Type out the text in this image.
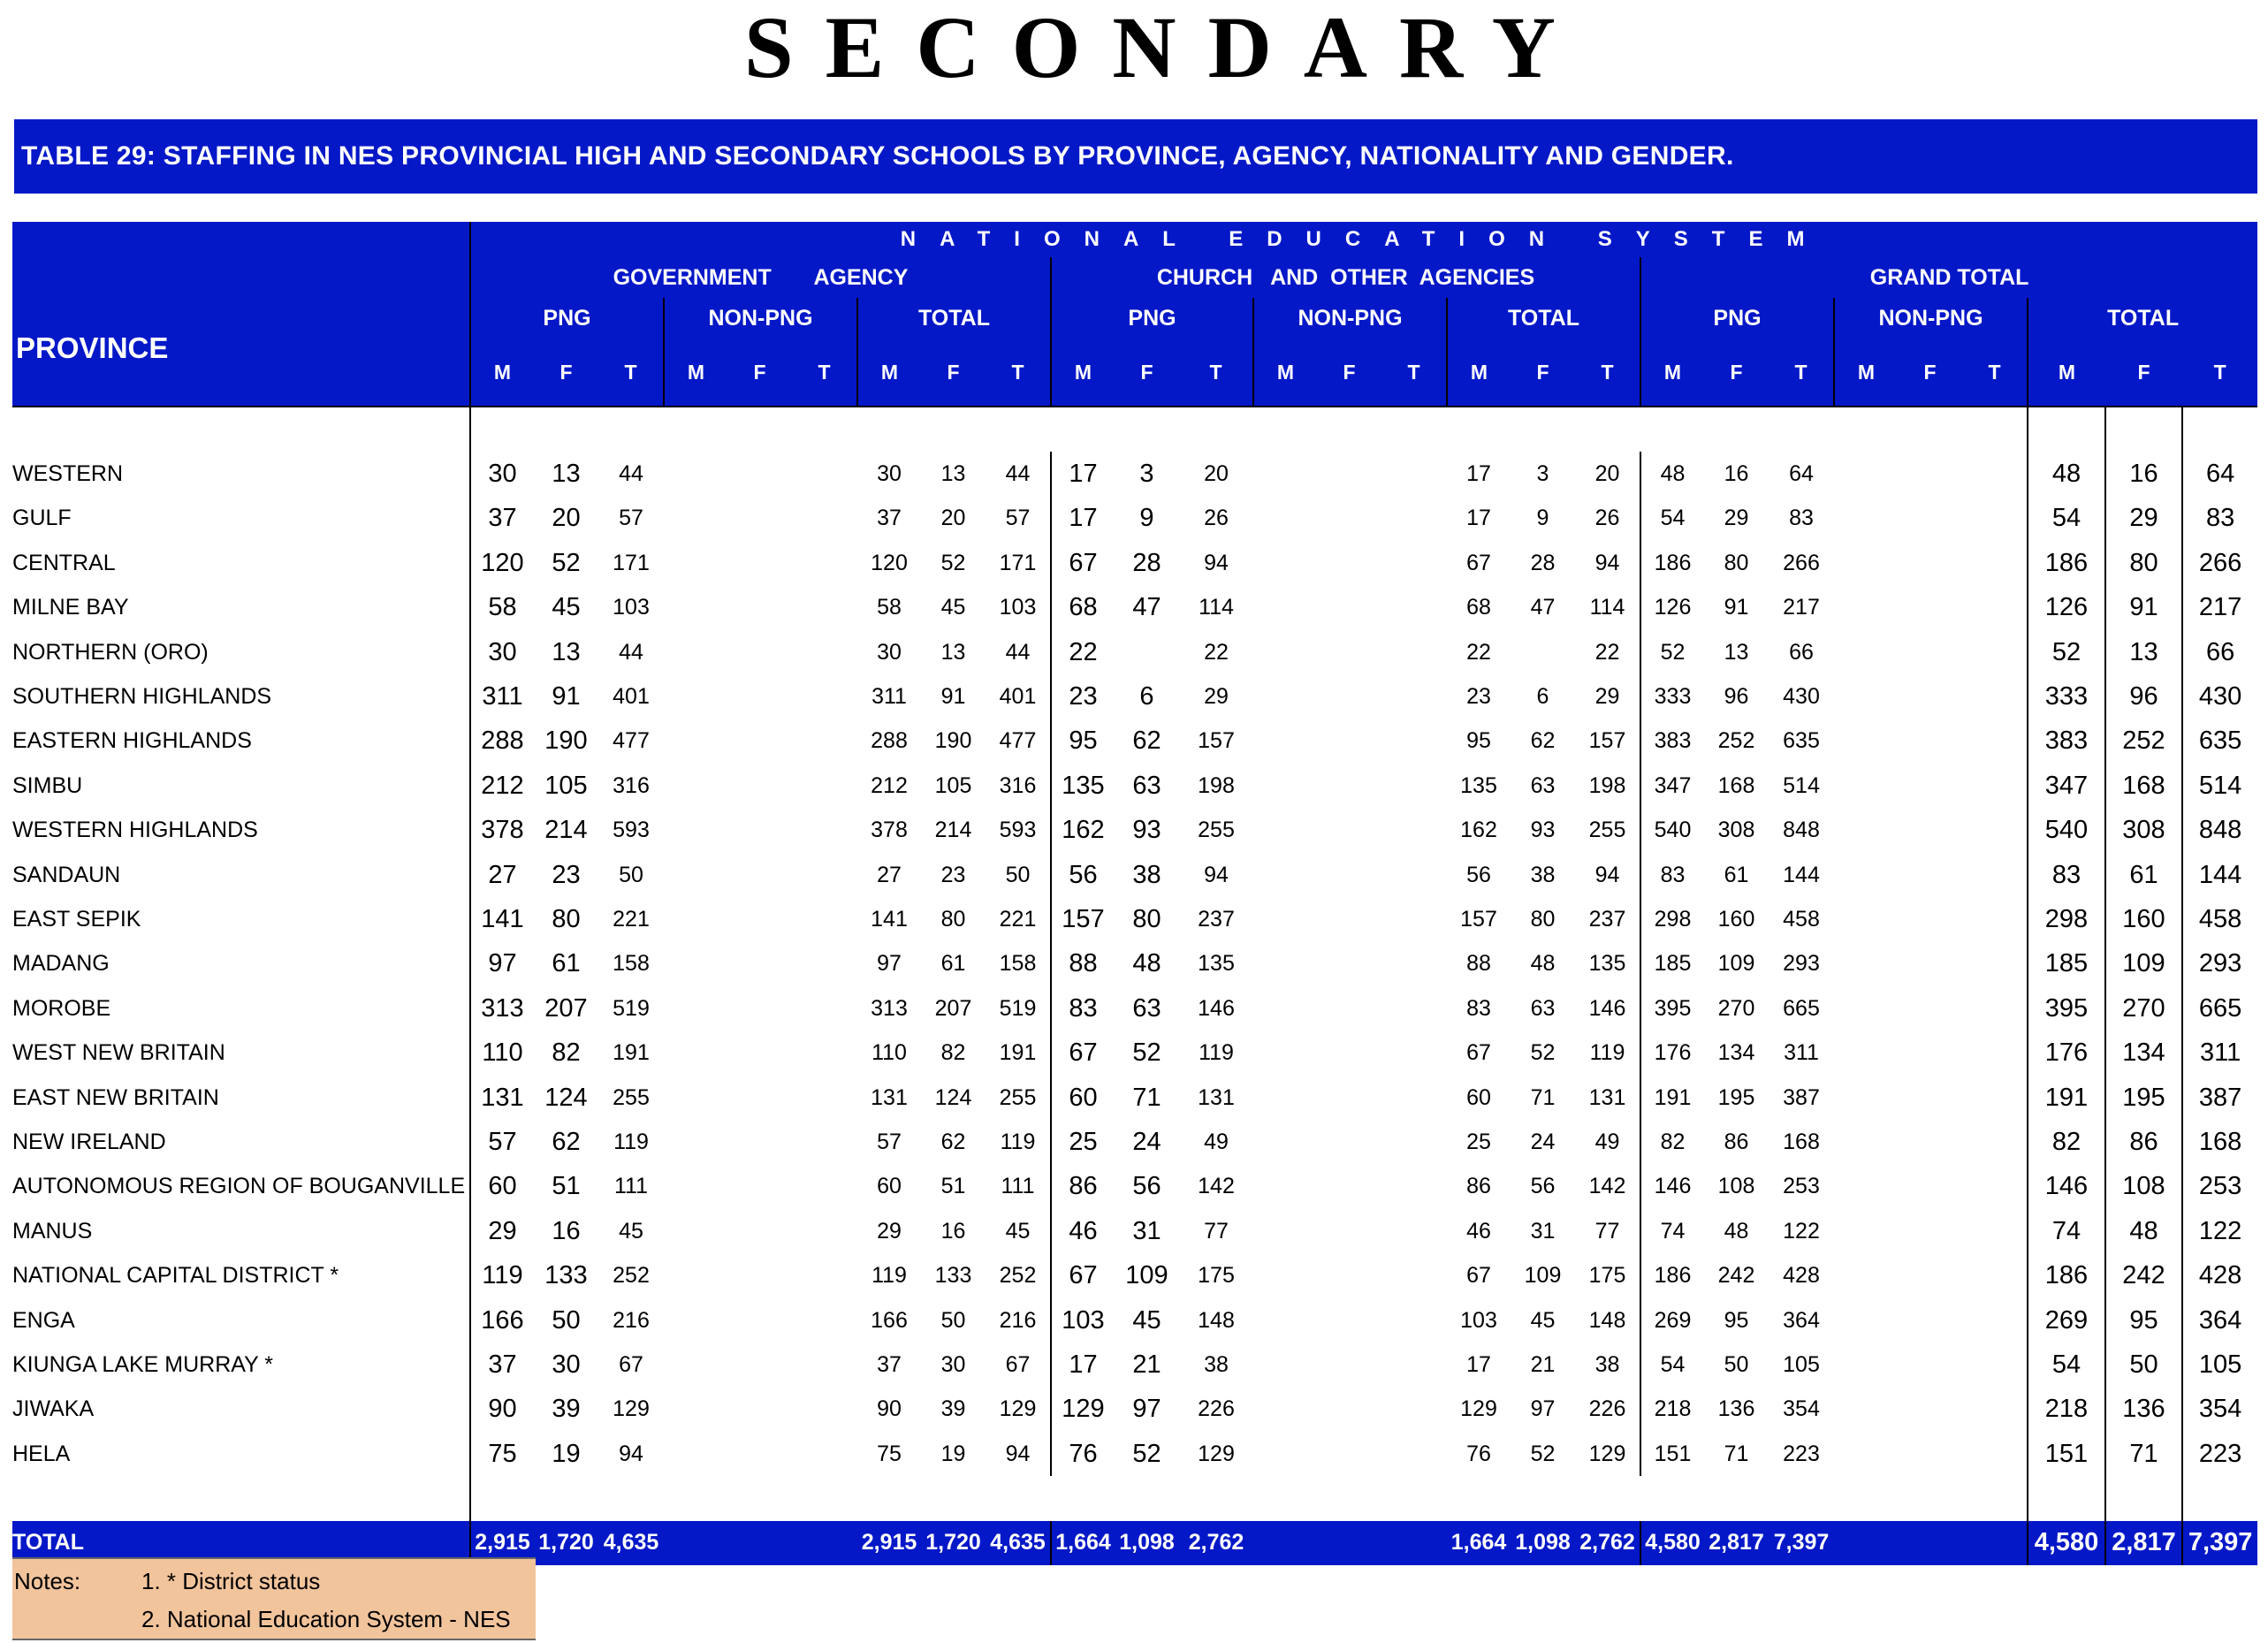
SECONDARY
TABLE 29: STAFFING IN NES PROVINCIAL HIGH AND SECONDARY SCHOOLS BY PROVINCE, AGENCY, NATIONALITY AND GENDER.
PROVINCE	NATIONAL EDUCATION SYSTEM																										
	GOVERNMENT       AGENCY									CHURCH   AND  OTHER  AGENCIES									GRAND TOTAL								
	PNG			NON-PNG			TOTAL			PNG			NON-PNG			TOTAL			PNG			NON-PNG			TOTAL		
	M	F	T	M	F	T	M	F	T	M	F	T	M	F	T	M	F	T	M	F	T	M	F	T	M	F	T

WESTERN	30	13	44				30	13	44	17	3	20				17	3	20	48	16	64				48	16	64
GULF	37	20	57				37	20	57	17	9	26				17	9	26	54	29	83				54	29	83
CENTRAL	120	52	171				120	52	171	67	28	94				67	28	94	186	80	266				186	80	266
MILNE BAY	58	45	103				58	45	103	68	47	114				68	47	114	126	91	217				126	91	217
NORTHERN (ORO)	30	13	44				30	13	44	22		22				22		22	52	13	66				52	13	66
SOUTHERN HIGHLANDS	311	91	401				311	91	401	23	6	29				23	6	29	333	96	430				333	96	430
EASTERN HIGHLANDS	288	190	477				288	190	477	95	62	157				95	62	157	383	252	635				383	252	635
SIMBU	212	105	316				212	105	316	135	63	198				135	63	198	347	168	514				347	168	514
WESTERN HIGHLANDS	378	214	593				378	214	593	162	93	255				162	93	255	540	308	848				540	308	848
SANDAUN	27	23	50				27	23	50	56	38	94				56	38	94	83	61	144				83	61	144
EAST SEPIK	141	80	221				141	80	221	157	80	237				157	80	237	298	160	458				298	160	458
MADANG	97	61	158				97	61	158	88	48	135				88	48	135	185	109	293				185	109	293
MOROBE	313	207	519				313	207	519	83	63	146				83	63	146	395	270	665				395	270	665
WEST NEW BRITAIN	110	82	191				110	82	191	67	52	119				67	52	119	176	134	311				176	134	311
EAST NEW BRITAIN	131	124	255				131	124	255	60	71	131				60	71	131	191	195	387				191	195	387
NEW IRELAND	57	62	119				57	62	119	25	24	49				25	24	49	82	86	168				82	86	168
AUTONOMOUS REGION OF BOUGANVILLE	60	51	111				60	51	111	86	56	142				86	56	142	146	108	253				146	108	253
MANUS	29	16	45				29	16	45	46	31	77				46	31	77	74	48	122				74	48	122
NATIONAL CAPITAL DISTRICT *	119	133	252				119	133	252	67	109	175				67	109	175	186	242	428				186	242	428
ENGA	166	50	216				166	50	216	103	45	148				103	45	148	269	95	364				269	95	364
KIUNGA LAKE MURRAY *	37	30	67				37	30	67	17	21	38				17	21	38	54	50	105				54	50	105
JIWAKA	90	39	129				90	39	129	129	97	226				129	97	226	218	136	354				218	136	354
HELA	75	19	94				75	19	94	76	52	129				76	52	129	151	71	223				151	71	223

TOTAL	2,915	1,720	4,635				2,915	1,720	4,635	1,664	1,098	2,762				1,664	1,098	2,762	4,580	2,817	7,397				4,580	2,817	7,397
Notes:	1. * District status
2. National Education System - NES
